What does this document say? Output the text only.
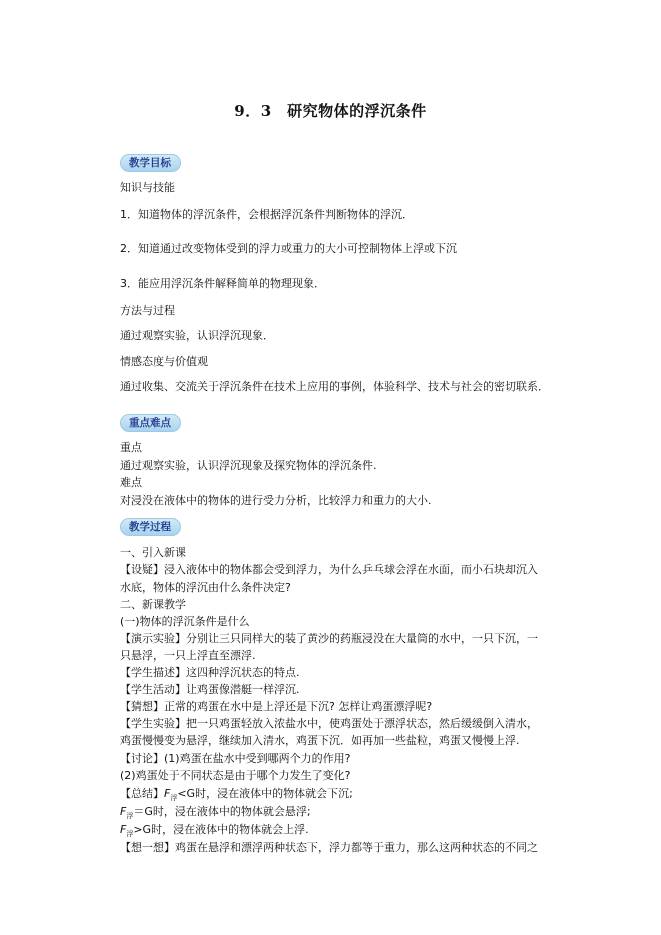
9．3　研究物体的浮沉条件
教学目标
知识与技能
1．知道物体的浮沉条件，会根据浮沉条件判断物体的浮沉．
2．知道通过改变物体受到的浮力或重力的大小可控制物体上浮或下沉
3．能应用浮沉条件解释简单的物理现象．
方法与过程
通过观察实验，认识浮沉现象．
情感态度与价值观
通过收集、交流关于浮沉条件在技术上应用的事例，体验科学、技术与社会的密切联系．
重点难点
重点
通过观察实验，认识浮沉现象及探究物体的浮沉条件.
难点
对浸没在液体中的物体的进行受力分析，比较浮力和重力的大小.
教学过程
一、引入新课
【设疑】浸入液体中的物体都会受到浮力，为什么乒乓球会浮在水面，而小石块却沉入
水底，物体的浮沉由什么条件决定?
二、新课教学
(一)物体的浮沉条件是什么
【演示实验】分别让三只同样大的装了黄沙的药瓶浸没在大量筒的水中，一只下沉，一
只悬浮，一只上浮直至漂浮.
【学生描述】这四种浮沉状态的特点.
【学生活动】让鸡蛋像潜艇一样浮沉.
【猜想】正常的鸡蛋在水中是上浮还是下沉? 怎样让鸡蛋漂浮呢?
【学生实验】把一只鸡蛋轻放入浓盐水中，使鸡蛋处于漂浮状态，然后缓缓倒入清水，
鸡蛋慢慢变为悬浮，继续加入清水，鸡蛋下沉．如再加一些盐粒，鸡蛋又慢慢上浮.
【讨论】(1)鸡蛋在盐水中受到哪两个力的作用?
(2)鸡蛋处于不同状态是由于哪个力发生了变化?
【总结】$F_浮<G$时，浸在液体中的物体就会下沉;
$F_浮=G$时，浸在液体中的物体就会悬浮;
$F_浮>G$时，浸在液体中的物体就会上浮.
【想一想】鸡蛋在悬浮和漂浮两种状态下，浮力都等于重力，那么这两种状态的不同之
